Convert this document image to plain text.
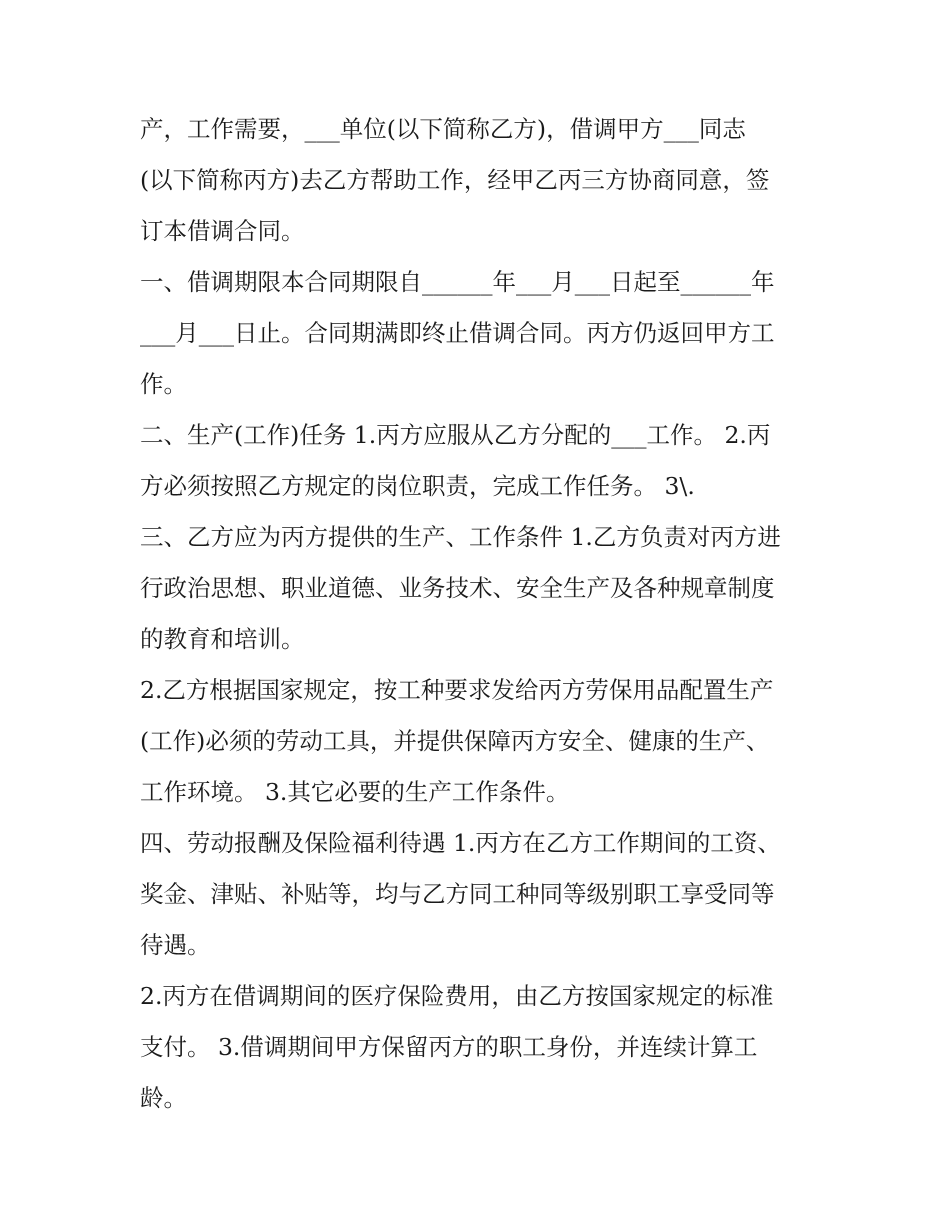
产，工作需要，___单位(以下简称乙方)，借调甲方___同志
(以下简称丙方)去乙方帮助工作，经甲乙丙三方协商同意，签
订本借调合同。
一、借调期限本合同期限自______年___月___日起至______年
___月___日止。合同期满即终止借调合同。丙方仍返回甲方工
作。
二、生产(工作)任务 1.丙方应服从乙方分配的___工作。 2.丙
方必须按照乙方规定的岗位职责，完成工作任务。 3\.
三、乙方应为丙方提供的生产、工作条件 1.乙方负责对丙方进
行政治思想、职业道德、业务技术、安全生产及各种规章制度
的教育和培训。
2.乙方根据国家规定，按工种要求发给丙方劳保用品配置生产
(工作)必须的劳动工具，并提供保障丙方安全、健康的生产、
工作环境。 3.其它必要的生产工作条件。
四、劳动报酬及保险福利待遇 1.丙方在乙方工作期间的工资、
奖金、津贴、补贴等，均与乙方同工种同等级别职工享受同等
待遇。
2.丙方在借调期间的医疗保险费用，由乙方按国家规定的标准
支付。 3.借调期间甲方保留丙方的职工身份，并连续计算工
龄。
